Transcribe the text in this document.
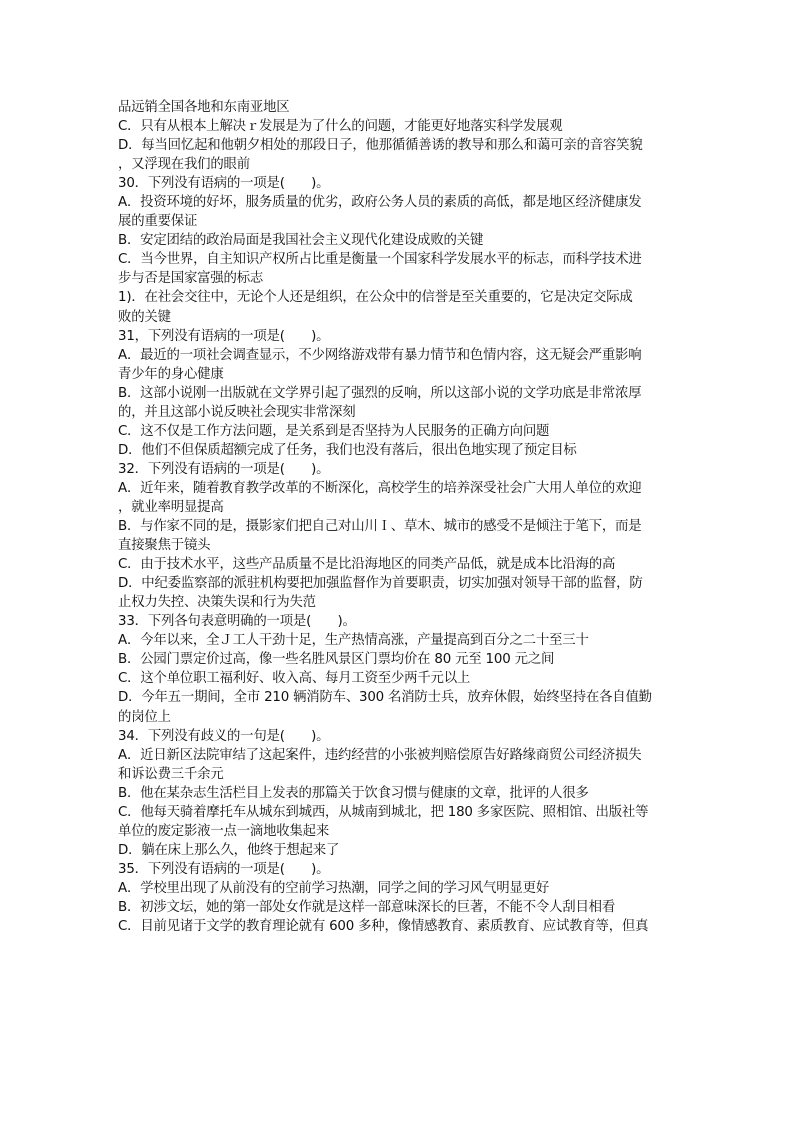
品远销全国各地和东南亚地区
C．只有从根本上解决ｒ发展是为了什么的问题，才能更好地落实科学发展观
D．每当回忆起和他朝夕相处的那段日子，他那循循善诱的教导和那么和蔼可亲的音容笑貌
，又浮现在我们的眼前
30．下列没有语病的一项是(　　)。
A．投资环境的好坏，服务质量的优劣，政府公务人员的素质的高低，都是地区经济健康发
展的重要保证
B．安定团结的政治局面是我国社会主义现代化建设成败的关键
C．当今世界，自主知识产权所占比重是衡量一个国家科学发展水平的标志，而科学技术进
步与否是国家富强的标志
1)．在社会交往中，无论个人还是组织，在公众中的信誉是至关重要的，它是决定交际成
败的关键
31，下列没有语病的一项是(　　)。
A．最近的一项社会调查显示，不少网络游戏带有暴力情节和色情内容，这无疑会严重影响
青少年的身心健康
B．这部小说刚一出版就在文学界引起了强烈的反响，所以这部小说的文学功底是非常浓厚
的，并且这部小说反映社会现实非常深刻
C．这不仅是工作方法问题，是关系到是否坚持为人民服务的正确方向问题
D．他们不但保质超额完成了任务，我们也没有落后，很出色地实现了预定目标
32．下列没有语病的一项是(　　)。
A．近年来，随着教育教学改革的不断深化，高校学生的培养深受社会广大用人单位的欢迎
，就业率明显提高
B．与作家不同的是，摄影家们把自己对山川Ｉ、草木、城市的感受不是倾注于笔下，而是
直接聚焦于镜头
C．由于技术水平，这些产品质量不是比沿海地区的同类产品低，就是成本比沿海的高
D．中纪委监察部的派驻机构要把加强监督作为首要职责，切实加强对领导干部的监督，防
止权力失控、决策失误和行为失范
33．下列各句表意明确的一项是(　　)。
A．今年以来，全Ｊ工人干劲十足，生产热情高涨，产量提高到百分之二十至三十
B．公园门票定价过高，像一些名胜风景区门票均价在 80 元至 100 元之间
C．这个单位职工福利好、收入高、每月工资至少两千元以上
D．今年五一期间，全市 210 辆消防车、300 名消防士兵，放弃休假，始终坚持在各自值勤
的岗位上
34．下列没有歧义的一句是(　　)。
A．近日新区法院审结了这起案件，违约经营的小张被判赔偿原告好路缘商贸公司经济损失
和诉讼费三千余元
B．他在某杂志生活栏目上发表的那篇关于饮食习惯与健康的文章，批评的人很多
C．他每天骑着摩托车从城东到城西，从城南到城北，把 180 多家医院、照相馆、出版社等
单位的废定影液一点一滴地收集起来
D．躺在床上那么久，他终于想起来了
35．下列没有语病的一项是(　　)。
A．学校里出现了从前没有的空前学习热潮，同学之间的学习风气明显更好
B．初涉文坛，她的第一部处女作就是这样一部意味深长的巨著，不能不令人刮目相看
C．目前见诸于文学的教育理论就有 600 多种，像情感教育、素质教育、应试教育等，但真
